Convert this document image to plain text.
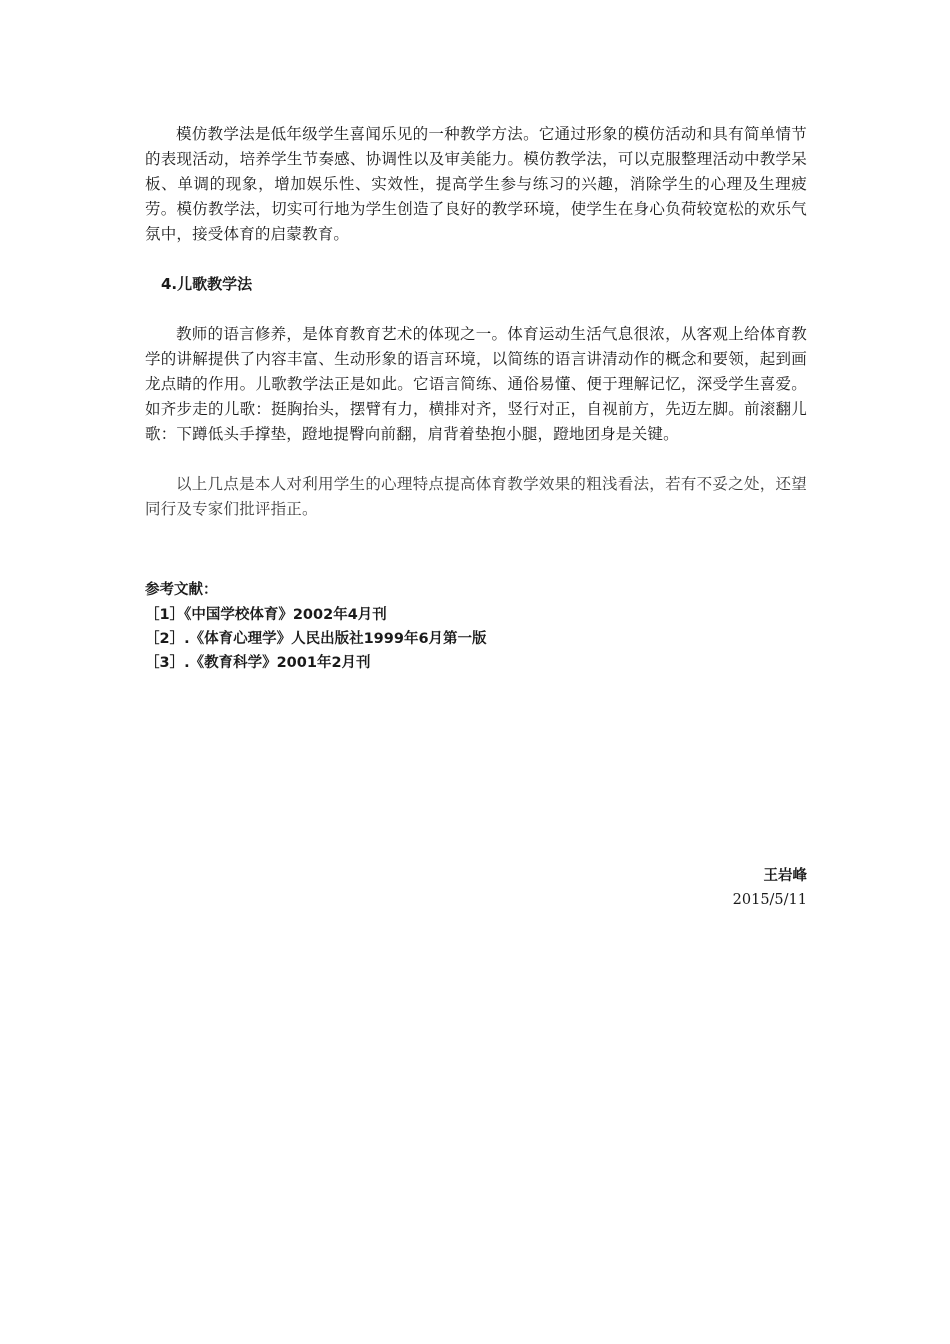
模仿教学法是低年级学生喜闻乐见的一种教学方法。它通过形象的模仿活动和具有简单情节的表现活动，培养学生节奏感、协调性以及审美能力。模仿教学法，可以克服整理活动中教学呆板、单调的现象，增加娱乐性、实效性，提高学生参与练习的兴趣，消除学生的心理及生理疲劳。模仿教学法，切实可行地为学生创造了良好的教学环境，使学生在身心负荷较宽松的欢乐气氛中，接受体育的启蒙教育。

4.儿歌教学法

教师的语言修养，是体育教育艺术的体现之一。体育运动生活气息很浓，从客观上给体育教学的讲解提供了内容丰富、生动形象的语言环境，以简练的语言讲清动作的概念和要领，起到画龙点睛的作用。儿歌教学法正是如此。它语言简练、通俗易懂、便于理解记忆，深受学生喜爱。如齐步走的儿歌：挺胸抬头，摆臂有力，横排对齐，竖行对正，自视前方，先迈左脚。前滚翻儿歌：下蹲低头手撑垫，蹬地提臀向前翻，肩背着垫抱小腿，蹬地团身是关键。

以上几点是本人对利用学生的心理特点提高体育教学效果的粗浅看法，若有不妥之处，还望同行及专家们批评指正。

参考文献：

［1］《中国学校体育》2002年4月刊
［2］.《体育心理学》人民出版社1999年6月第一版
［3］.《教育科学》2001年2月刊
王岩峰
2015/5/11
